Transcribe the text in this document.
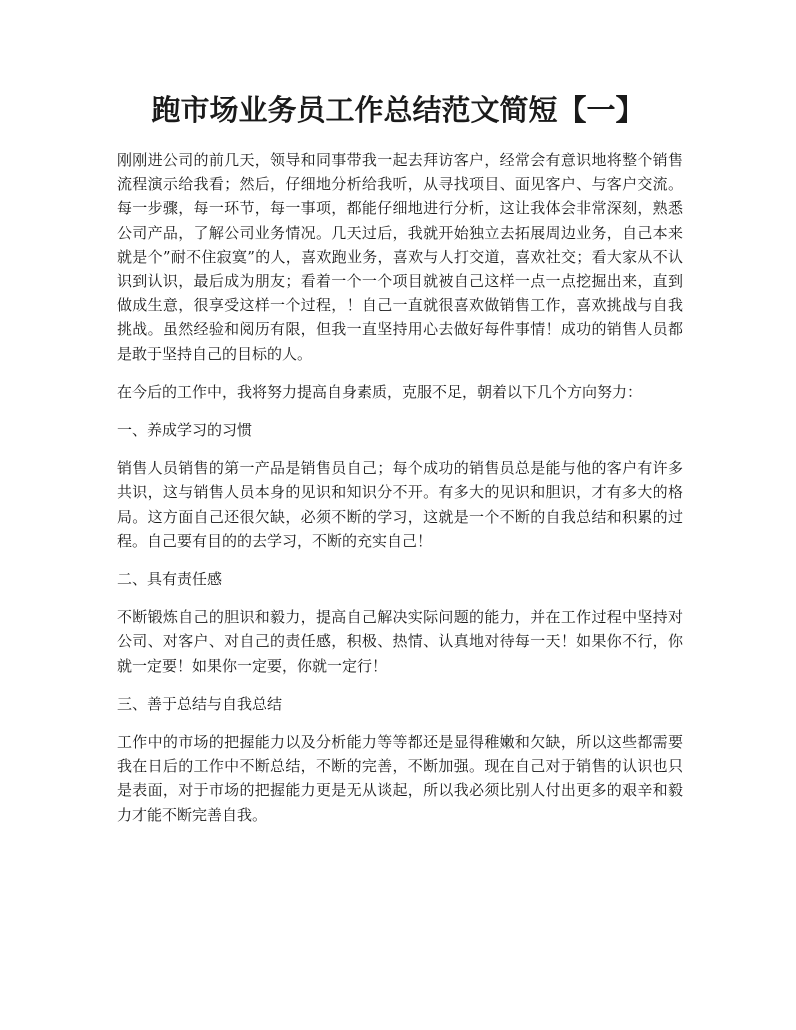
跑市场业务员工作总结范文简短【一】

刚刚进公司的前几天，领导和同事带我一起去拜访客户，经常会有意识地将整个销售流程演示给我看；然后，仔细地分析给我听，从寻找项目、面见客户、与客户交流。每一步骤，每一环节，每一事项，都能仔细地进行分析，这让我体会非常深刻，熟悉公司产品，了解公司业务情况。几天过后，我就开始独立去拓展周边业务，自己本来就是个”耐不住寂寞”的人，喜欢跑业务，喜欢与人打交道，喜欢社交；看大家从不认识到认识，最后成为朋友；看着一个一个项目就被自己这样一点一点挖掘出来，直到做成生意，很享受这样一个过程，！自己一直就很喜欢做销售工作，喜欢挑战与自我挑战。虽然经验和阅历有限，但我一直坚持用心去做好每件事情！成功的销售人员都是敢于坚持自己的目标的人。

在今后的工作中，我将努力提高自身素质，克服不足，朝着以下几个方向努力：

一、养成学习的习惯

销售人员销售的第一产品是销售员自己；每个成功的销售员总是能与他的客户有许多共识，这与销售人员本身的见识和知识分不开。有多大的见识和胆识，才有多大的格局。这方面自己还很欠缺，必须不断的学习，这就是一个不断的自我总结和积累的过程。自己要有目的的去学习，不断的充实自己！

二、具有责任感

不断锻炼自己的胆识和毅力，提高自己解决实际问题的能力，并在工作过程中坚持对公司、对客户、对自己的责任感，积极、热情、认真地对待每一天！如果你不行，你就一定要！如果你一定要，你就一定行！

三、善于总结与自我总结

工作中的市场的把握能力以及分析能力等等都还是显得稚嫩和欠缺，所以这些都需要我在日后的工作中不断总结，不断的完善，不断加强。现在自己对于销售的认识也只是表面，对于市场的把握能力更是无从谈起，所以我必须比别人付出更多的艰辛和毅力才能不断完善自我。
